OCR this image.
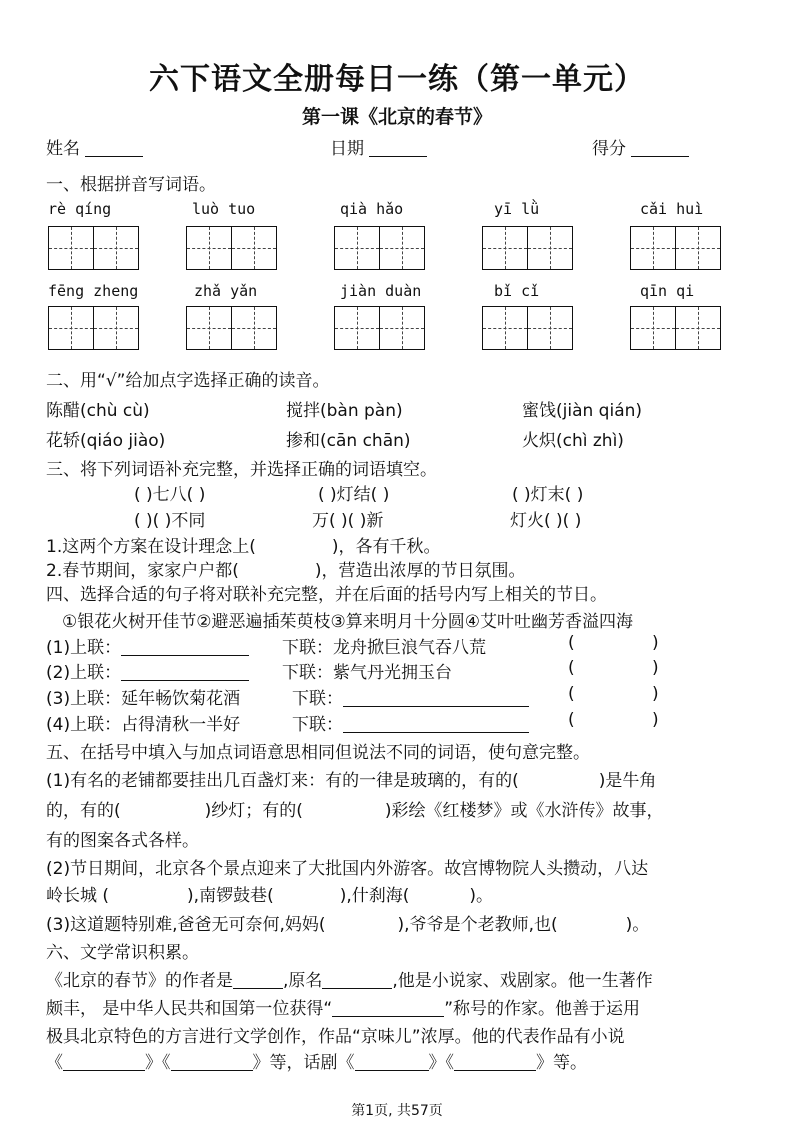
六下语文全册每日一练（第一单元）
第一课《北京的春节》
姓名	日期	得分
一、根据拼音写词语。
rè qíng	luò tuo	qià hǎo	yī lǜ	cǎi huì
fēng zheng	zhǎ yǎn	jiàn duàn	bǐ cǐ	qīn qi
二、用“√”给加点字选择正确的读音。
陈醋(chù cù)	搅拌(bàn pàn)	蜜饯(jiàn qián)
花轿(qiáo jiào)	掺和(cān chān)	火炽(chì zhì)
三、将下列词语补充完整，并选择正确的词语填空。
( )七八( )	( )灯结( )	( )灯末( )
( )( )不同	万( )( )新	灯火( )( )
1.这两个方案在设计理念上(	)，各有千秋。
2.春节期间，家家户户都(	)，营造出浓厚的节日氛围。
四、选择合适的句子将对联补充完整，并在后面的括号内写上相关的节日。
①银花火树开佳节②避恶遍插茱萸枝③算来明月十分圆④艾叶吐幽芳香溢四海
(1)上联：	下联：龙舟掀巨浪气吞八荒	(	)
(2)上联：	下联：紫气丹光拥玉台	(	)
(3)上联：延年畅饮菊花酒	下联：	(	)
(4)上联：占得清秋一半好	下联：	(	)
五、在括号中填入与加点词语意思相同但说法不同的词语，使句意完整。
(1)有名的老铺都要挂出几百盏灯来：有的一律是玻璃的，有的(	)是牛角
的，有的(	)纱灯；有的(	)彩绘《红楼梦》或《水浒传》故事，
有的图案各式各样。
(2)节日期间，北京各个景点迎来了大批国内外游客。故宫博物院人头攒动，八达
岭长城 (	),南锣鼓巷(	),什刹海(	)。
(3)这道题特别难,爸爸无可奈何,妈妈(	),爷爷是个老教师,也(	)。
六、文学常识积累。
《北京的春节》的作者是	,原名	,他是小说家、戏剧家。他一生著作
颇丰， 是中华人民共和国第一位获得“	”称号的作家。他善于运用
极具北京特色的方言进行文学创作，作品“京味儿”浓厚。他的代表作品有小说
《	》《	》等，话剧《	》《	》等。
第1页, 共57页
